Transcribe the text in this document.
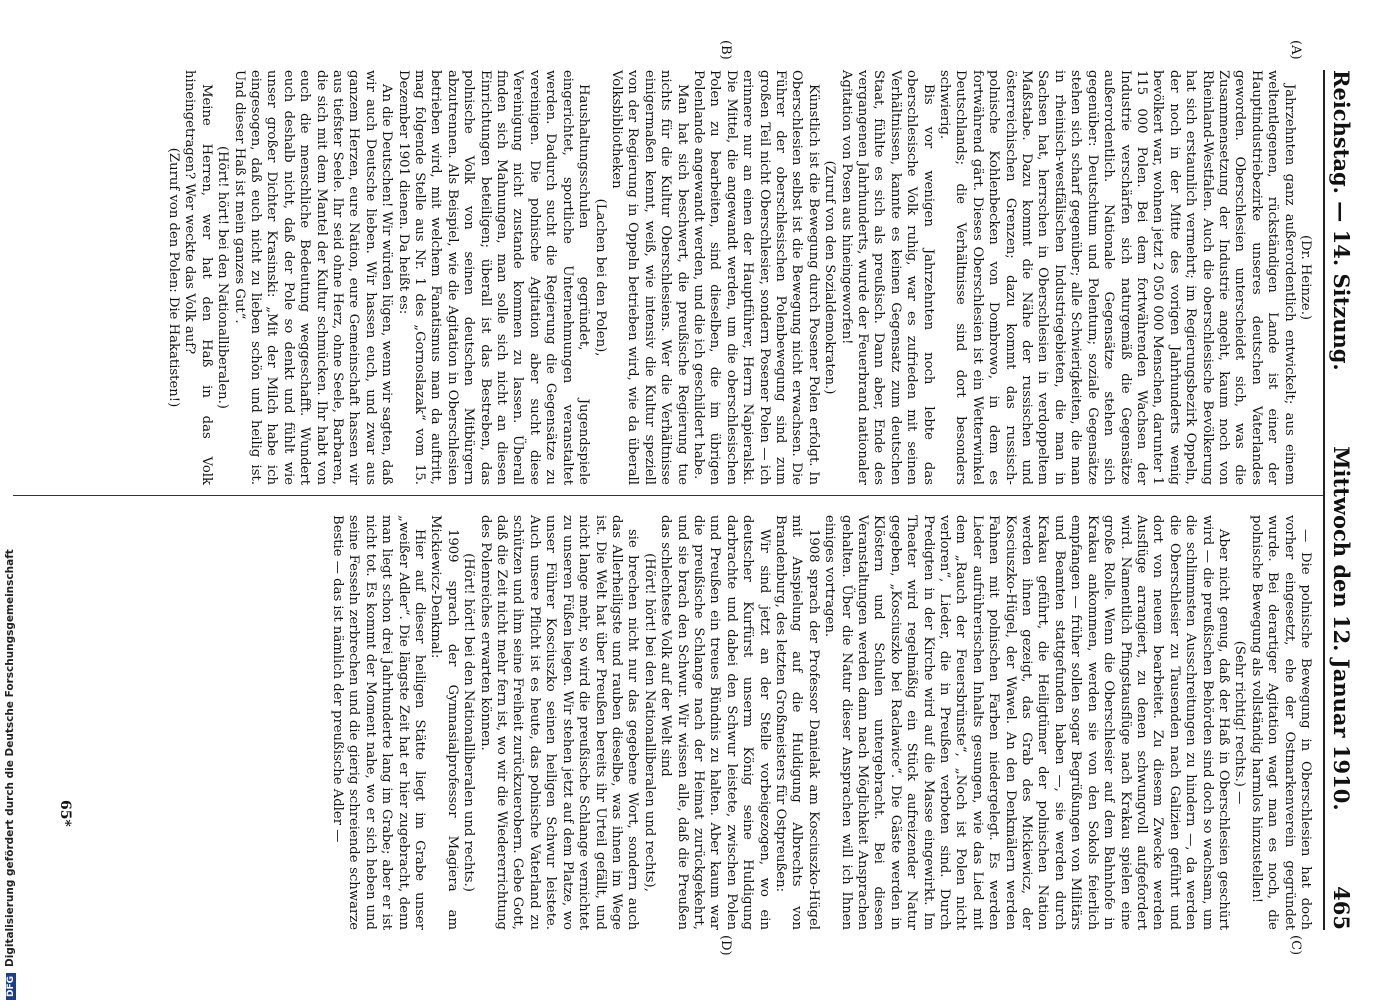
Reichstag. — 14. Sitzung.
Mittwoch den 12. Januar 1910.
465
(A)
(B)
(C)
(D)

(Dr. Heinze.)

Jahrzehnten ganz außerordentlich entwickelt; aus einem weltentlegenen, rückständigen Lande ist einer der Hauptindustriebezirke unseres deutschen Vaterlandes geworden. Oberschlesien unterscheidet sich, was die Zusammensetzung der Industrie angeht, kaum noch von Rheinland-Westfalen. Auch die oberschlesische Bevölkerung hat sich erstaunlich vermehrt; im Regierungsbezirk Oppeln, der noch in der Mitte des vorigen Jahrhunderts wenig bevölkert war, wohnen jetzt 2 050 000 Menschen, darunter 1 115 000 Polen. Bei dem fortwährenden Wachsen der Industrie verschärfen sich naturgemäß die Gegensätze außerordentlich. Nationale Gegensätze stehen sich gegenüber: Deutschtum und Polentum; soziale Gegensätze stehen sich scharf gegenüber; alle Schwierigkeiten, die man in rheinisch-westfälischen Industriegebieten, die man in Sachsen hat, herrschen in Oberschlesien in verdoppeltem Maßstabe. Dazu kommt die Nähe der russischen und österreichischen Grenzen; dazu kommt das russisch-polnische Kohlenbecken von Dombrowo, in dem es fortwährend gärt. Dieses Oberschlesien ist ein Wetterwinkel Deutschlands; die Verhältnisse sind dort besonders schwierig.

Bis vor wenigen Jahrzehnten noch lebte das oberschlesische Volk ruhig, war es zufrieden mit seinen Verhältnissen, kannte es keinen Gegensatz zum deutschen Staat, fühlte es sich als preußisch. Dann aber, Ende des vergangenen Jahrhunderts, wurde der Feuerbrand nationaler Agitation von Posen aus hineingeworfen!

(Zuruf von den Sozialdemokraten.)

Künstlich ist die Bewegung durch Posener Polen erfolgt. In Oberschlesien selbst ist die Bewegung nicht erwachsen. Die Führer der oberschlesischen Polenbewegung sind zum großen Teil nicht Oberschlesier, sondern Posener Polen — ich erinnere nur an einen der Hauptführer, Herrn Napieralski. Die Mittel, die angewandt werden, um die oberschlesischen Polen zu bearbeiten, sind dieselben, die im übrigen Polenlande angewandt werden, und die ich geschildert habe.

Man hat sich beschwert, die preußische Regierung tue nichts für die Kultur Oberschlesiens. Wer die Verhältnisse einigermaßen kennt, weiß, wie intensiv die Kultur speziell von der Regierung in Oppeln betrieben wird, wie da überall Volksbibliotheken

(Lachen bei den Polen),

Haushaltungsschulen gegründet, Jugendspiele eingerichtet, sportliche Unternehmungen veranstaltet werden. Dadurch sucht die Regierung die Gegensätze zu vereinigen. Die polnische Agitation aber sucht diese Vereinigung nicht zustande kommen zu lassen. Überall finden sich Mahnungen, man solle sich nicht an diesen Einrichtungen beteiligen; überall ist das Bestreben, das polnische Volk von seinen deutschen Mitbürgern abzutrennen. Als Beispiel, wie die Agitation in Oberschlesien betrieben wird, mit welchem Fanatismus man da auftritt, mag folgende Stelle aus Nr. 1 des „Gornoslazak“ vom 15. Dezember 1901 dienen. Da heißt es:

An die Deutschen! Wir würden lügen, wenn wir sagten, daß wir auch Deutsche lieben. Wir hassen euch, und zwar aus ganzem Herzen, eure Nation, eure Gemeinschaft hassen wir aus tiefster Seele. Ihr seid ohne Herz, ohne Seele, Barbaren, die sich mit dem Mantel der Kultur schmücken. Ihr habt von euch die menschliche Bedeutung weggeschafft. Wundert euch deshalb nicht, daß der Pole so denkt und fühlt wie unser großer Dichter Krasinski: „Mit der Milch habe ich eingesogen, daß euch nicht zu lieben schön und heilig ist. Und dieser Haß ist mein ganzes Gut“.

(Hört! hört! bei den Nationalliberalen.)

Meine Herren, wer hat den Haß in das Volk hineingetragen? Wer weckte das Volk auf?

(Zuruf von den Polen: Die Hakatisten!)

— Die polnische Bewegung in Oberschlesien hat doch vorher eingesetzt, ehe der Ostmarkenverein gegründet wurde. Bei derartiger Agitation wagt man es noch, die polnische Bewegung als vollständig harmlos hinzustellen!

(Sehr richtig! rechts.) —

Aber nicht genug, daß der Haß in Oberschlesien geschürt wird — die preußischen Behörden sind doch so wachsam, um die schlimmsten Ausschreitungen zu hindern —, da werden die Oberschlesier zu Tausenden nach Galizien geführt und dort von neuem bearbeitet. Zu diesem Zwecke werden Ausflüge arrangiert, zu denen schwungvoll aufgefordert wird. Namentlich Pfingstausflüge nach Krakau spielen eine große Rolle. Wenn die Oberschlesier auf dem Bahnhofe in Krakau ankommen, werden sie von den Sokols feierlich empfangen — früher sollen sogar Begrüßungen von Militärs und Beamten stattgefunden haben —, sie werden durch Krakau geführt, die Heiligtümer der polnischen Nation werden ihnen gezeigt, das Grab des Mickiewicz, der Kosciuszko-Hügel, der Wawel. An den Denkmälern werden Fahnen mit polnischen Farben niedergelegt. Es werden Lieder aufrührerischen Inhalts gesungen, wie das Lied mit dem „Rauch der Feuersbrünste“, „Noch ist Polen nicht verloren“, Lieder, die in Preußen verboten sind. Durch Predigten in der Kirche wird auf die Masse eingewirkt. Im Theater wird regelmäßig ein Stück aufreizender Natur gegeben, „Kosciuszko bei Raclawice“. Die Gäste werden in Klöstern und Schulen untergebracht. Bei diesen Veranstaltungen werden dann nach Möglichkeit Ansprachen gehalten. Über die Natur dieser Ansprachen will ich Ihnen einiges vortragen.

1908 sprach der Professor Danielak am Kosciuszko-Hügel mit Anspielung auf die Huldigung Albrechts von Brandenburg, des letzten Großmeisters für Ostpreußen:

Wir sind jetzt an der Stelle vorbeigezogen, wo ein deutscher Kurfürst unserm König seine Huldigung darbrachte und dabei den Schwur leistete, zwischen Polen und Preußen ein treues Bündnis zu halten. Aber kaum war die preußische Schlange nach der Heimat zurückgekehrt, und sie brach den Schwur. Wir wissen alle, daß die Preußen das schlechteste Volk auf der Welt sind

(Hört! hört! bei den Nationalliberalen und rechts),

sie brechen nicht nur das gegebene Wort, sondern auch das Allerheiligste und rauben dieselbe, was ihnen im Wege ist. Die Welt hat über Preußen bereits ihr Urteil gefällt, und nicht lange mehr, so wird die preußische Schlange vernichtet zu unseren Füßen liegen. Wir stehen jetzt auf dem Platze, wo unser Führer Kosciuszko seinen heiligen Schwur leistete. Auch unsere Pflicht ist es heute, das polnische Vaterland zu schützen und ihm seine Freiheit zurückzuerobern. Gebe Gott, daß die Zeit nicht mehr fern ist, wo wir die Wiedererrichtung des Polenreiches erwarten können.

(Hört! hört! bei den Nationalliberalen und rechts.)

1909 sprach der Gymnasialprofessor Magiera am Mickiewicz-Denkmal:

Hier auf dieser heiligen Stätte liegt im Grabe unser „weißer Adler“. Die längste Zeit hat er hier zugebracht, denn man liegt schon drei Jahrhunderte lang im Grabe; aber er ist nicht tot. Es kommt der Moment nahe, wo er sich heben und seine Fesseln zerbrechen und die gierig schreiende schwarze Bestie — das ist nämlich der preußische Adler —

65*
DFGDigitalisierung gefördert durch die Deutsche Forschungsgemeinschaft
